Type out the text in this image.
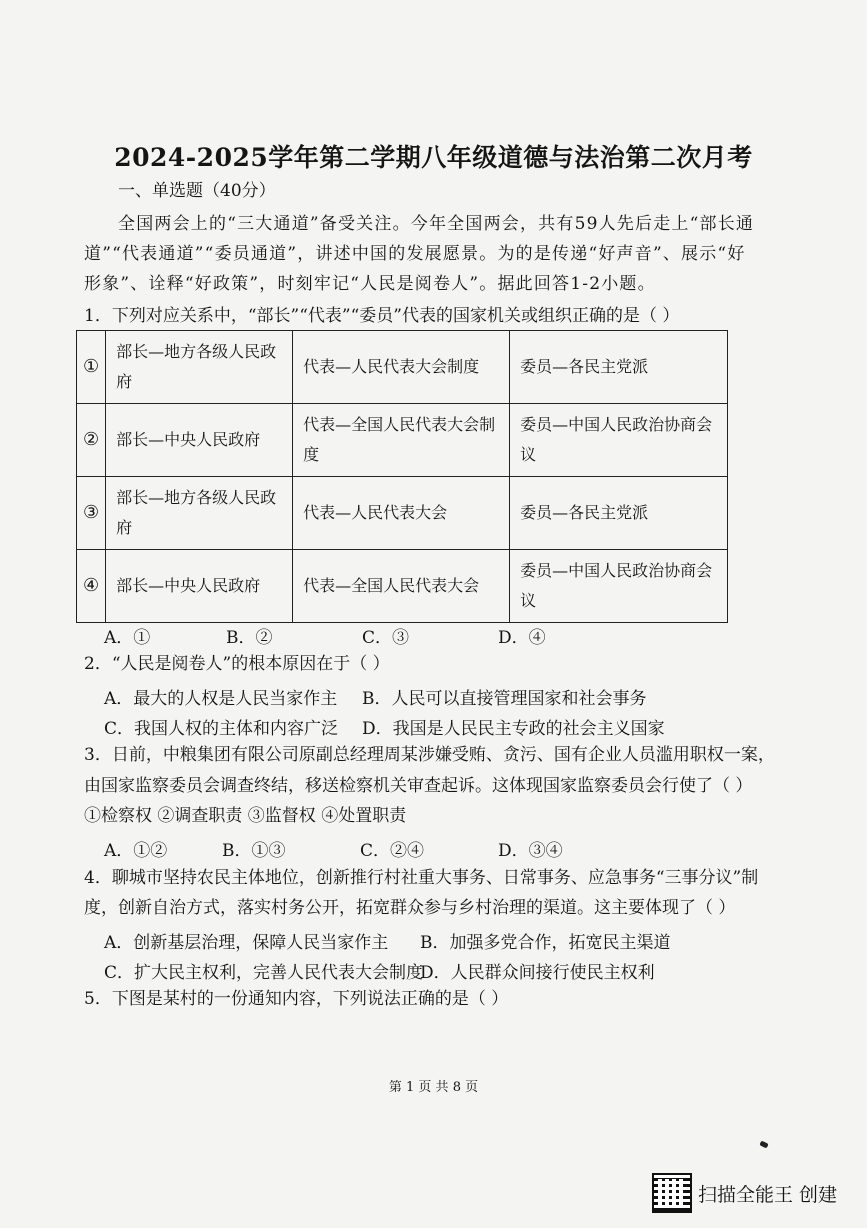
2024-2025学年第二学期八年级道德与法治第二次月考
一、单选题（40分）
全国两会上的“三大通道”备受关注。今年全国两会，共有59人先后走上“部长通
道”“代表通道”“委员通道”，讲述中国的发展愿景。为的是传递“好声音”、展示“好
形象”、诠释“好政策”，时刻牢记“人民是阅卷人”。据此回答1-2小题。
1．下列对应关系中，“部长”“代表”“委员”代表的国家机关或组织正确的是（ ）
①	部长—地方各级人民政府	代表—人民代表大会制度	委员—各民主党派
②	部长—中央人民政府	代表—全国人民代表大会制度	委员—中国人民政治协商会议
③	部长—地方各级人民政府	代表—人民代表大会	委员—各民主党派
④	部长—中央人民政府	代表—全国人民代表大会	委员—中国人民政治协商会议
A．①	B．②	C．③	D．④
2．“人民是阅卷人”的根本原因在于（ ）
A．最大的人权是人民当家作主 B．人民可以直接管理国家和社会事务
C．我国人权的主体和内容广泛 D．我国是人民民主专政的社会主义国家
3．日前，中粮集团有限公司原副总经理周某涉嫌受贿、贪污、国有企业人员滥用职权一案，
由国家监察委员会调查终结，移送检察机关审查起诉。这体现国家监察委员会行使了（ ）
①检察权 ②调查职责 ③监督权 ④处置职责
A．①②	B．①③	C．②④	D．③④
4．聊城市坚持农民主体地位，创新推行村社重大事务、日常事务、应急事务“三事分议”制
度，创新自治方式，落实村务公开，拓宽群众参与乡村治理的渠道。这主要体现了（ ）
A．创新基层治理，保障人民当家作主 B．加强多党合作，拓宽民主渠道
C．扩大民主权利，完善人民代表大会制度
D．人民群众间接行使民主权利
5．下图是某村的一份通知内容，下列说法正确的是（ ）
第 1 页 共 8 页
扫描全能王 创建
